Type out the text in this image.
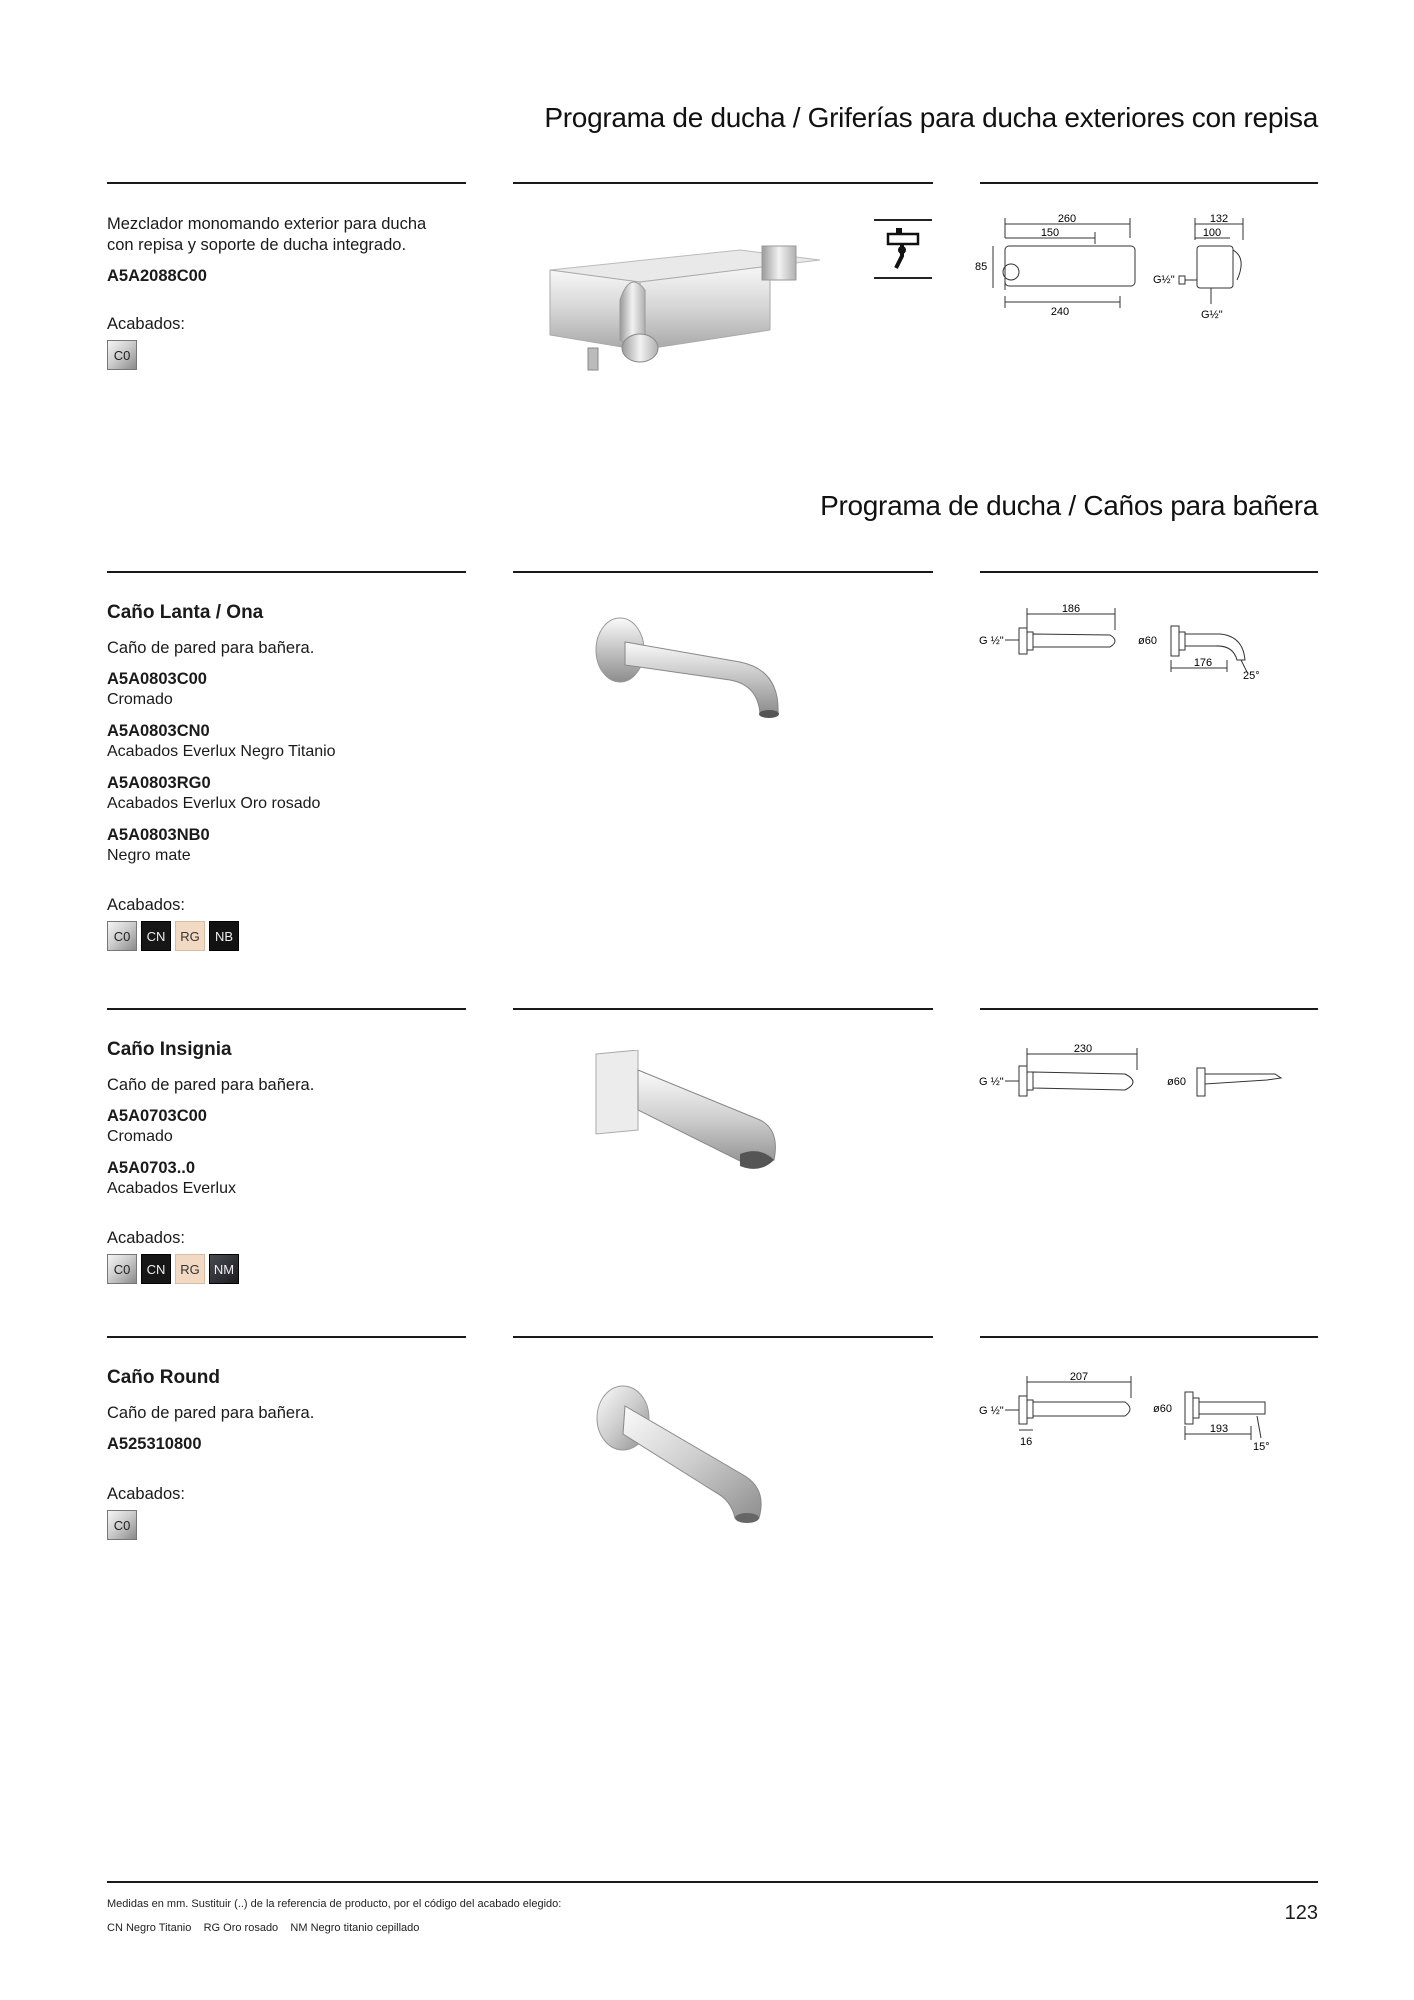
Programa de ducha / Griferías para ducha exteriores con repisa

Mezclador monomando exterior para ducha con repisa y soporte de ducha integrado.

A5A2088C00

Acabados:

C0
260
150
85
240
132
100
G½"
G½"
Programa de ducha / Caños para bañera

Caño Lanta / Ona

Caño de pared para bañera.

A5A0803C00

Cromado

A5A0803CN0

Acabados Everlux Negro Titanio

A5A0803RG0

Acabados Everlux Oro rosado

A5A0803NB0

Negro mate

Acabados:

C0	CN	RG	NB
186
G ½"	ø60
176
25°

Caño Insignia

Caño de pared para bañera.

A5A0703C00

Cromado

A5A0703..0

Acabados Everlux

Acabados:

C0	CN	RG	NM
230
G ½"	ø60

Caño Round

Caño de pared para bañera.

A525310800

Acabados:

C0
207
G ½"
16
ø60
193
15°
Medidas en mm. Sustituir (..) de la referencia de producto, por el código del acabado elegido:
CN Negro Titanio    RG Oro rosado    NM Negro titanio cepillado
123
